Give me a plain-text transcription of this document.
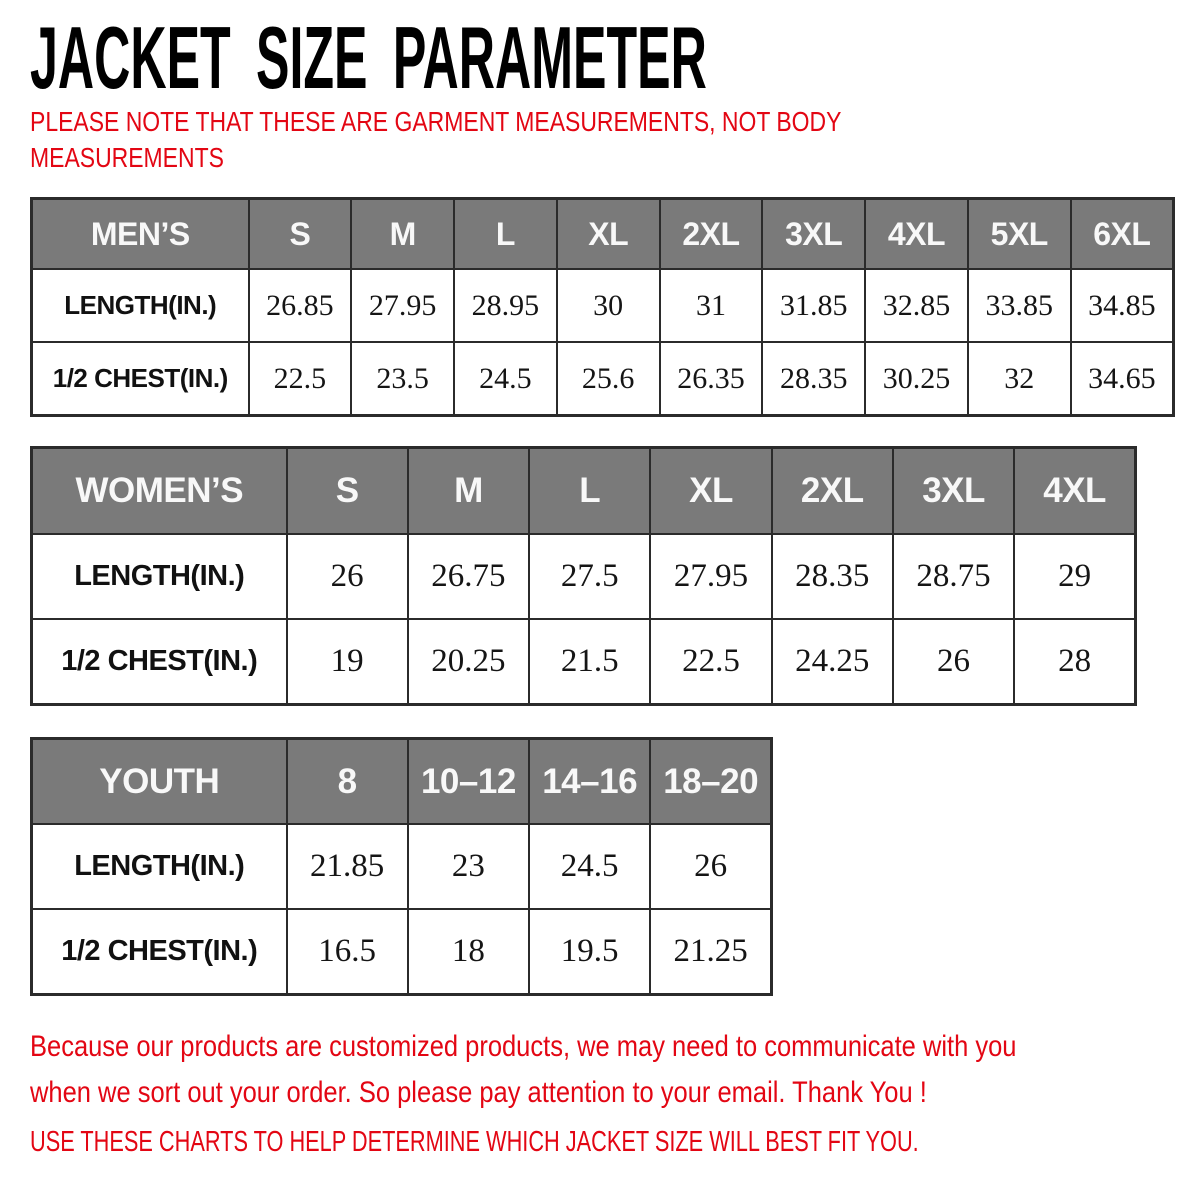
JACKET SIZE PARAMETER
PLEASE NOTE THAT THESE ARE GARMENT MEASUREMENTS, NOT BODY
MEASUREMENTS
MEN’S	S	M	L	XL	2XL	3XL	4XL	5XL	6XL
LENGTH(IN.)	26.85	27.95	28.95	30	31	31.85	32.85	33.85	34.85
1/2 CHEST(IN.)	22.5	23.5	24.5	25.6	26.35	28.35	30.25	32	34.65
WOMEN’S	S	M	L	XL	2XL	3XL	4XL
LENGTH(IN.)	26	26.75	27.5	27.95	28.35	28.75	29
1/2 CHEST(IN.)	19	20.25	21.5	22.5	24.25	26	28
YOUTH	8	10–12	14–16	18–20
LENGTH(IN.)	21.85	23	24.5	26
1/2 CHEST(IN.)	16.5	18	19.5	21.25
Because our products are customized products, we may need to communicate with you
when we sort out your order. So please pay attention to your email. Thank You !
USE THESE CHARTS TO HELP DETERMINE WHICH JACKET SIZE WILL BEST FIT YOU.
